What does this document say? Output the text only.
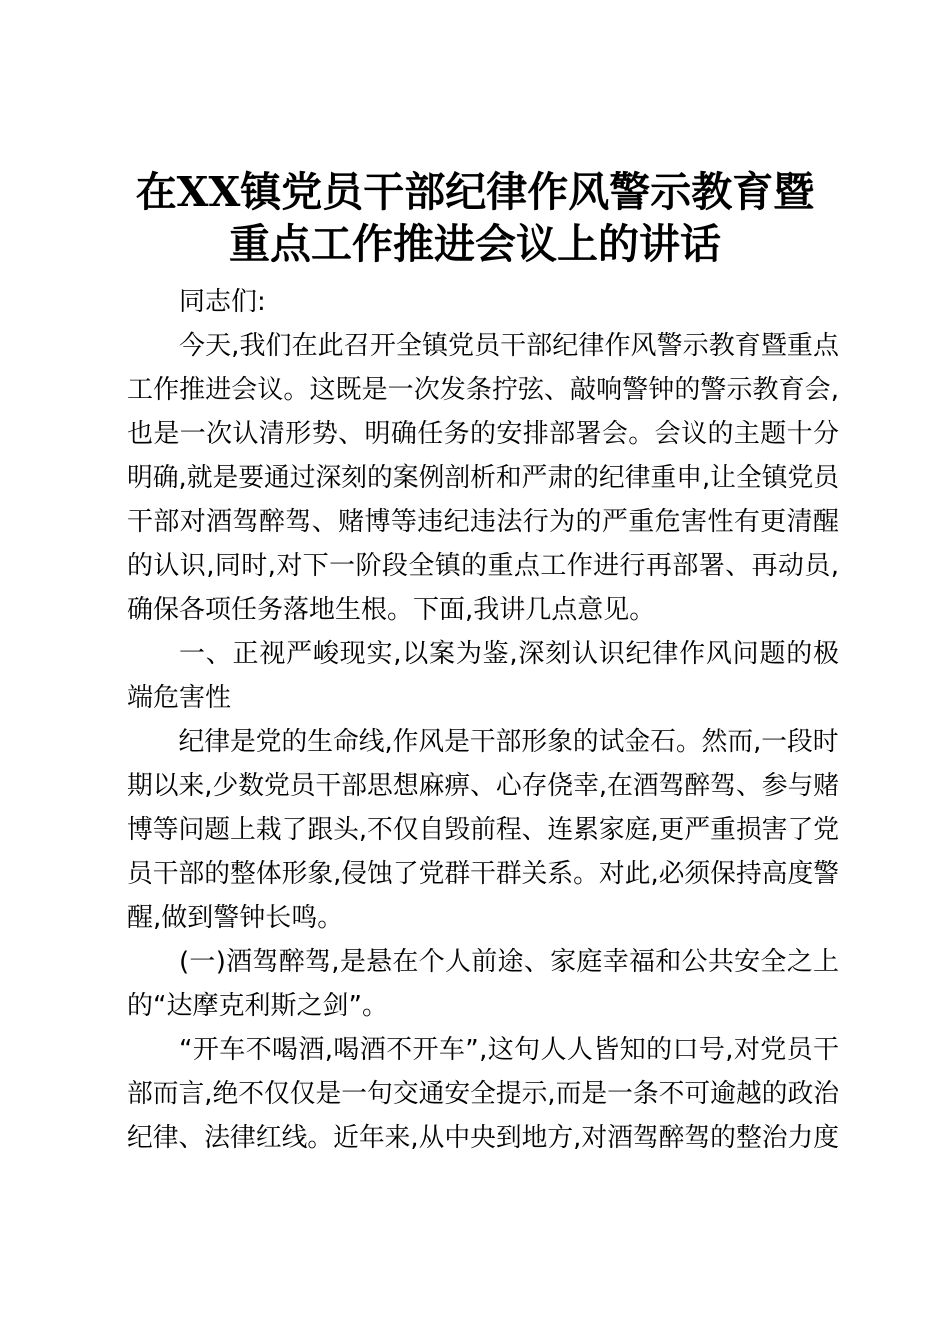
在XX镇党员干部纪律作风警示教育暨
重点工作推进会议上的讲话
同志们:
今天,我们在此召开全镇党员干部纪律作风警示教育暨重点
工作推进会议。这既是一次发条拧弦、敲响警钟的警示教育会,
也是一次认清形势、明确任务的安排部署会。会议的主题十分
明确,就是要通过深刻的案例剖析和严肃的纪律重申,让全镇党员
干部对酒驾醉驾、赌博等违纪违法行为的严重危害性有更清醒
的认识,同时,对下一阶段全镇的重点工作进行再部署、再动员,
确保各项任务落地生根。下面,我讲几点意见。
一、正视严峻现实,以案为鉴,深刻认识纪律作风问题的极
端危害性
纪律是党的生命线,作风是干部形象的试金石。然而,一段时
期以来,少数党员干部思想麻痹、心存侥幸,在酒驾醉驾、参与赌
博等问题上栽了跟头,不仅自毁前程、连累家庭,更严重损害了党
员干部的整体形象,侵蚀了党群干群关系。对此,必须保持高度警
醒,做到警钟长鸣。
(一)酒驾醉驾,是悬在个人前途、家庭幸福和公共安全之上
的“达摩克利斯之剑”。
“开车不喝酒,喝酒不开车”,这句人人皆知的口号,对党员干
部而言,绝不仅仅是一句交通安全提示,而是一条不可逾越的政治
纪律、法律红线。近年来,从中央到地方,对酒驾醉驾的整治力度
